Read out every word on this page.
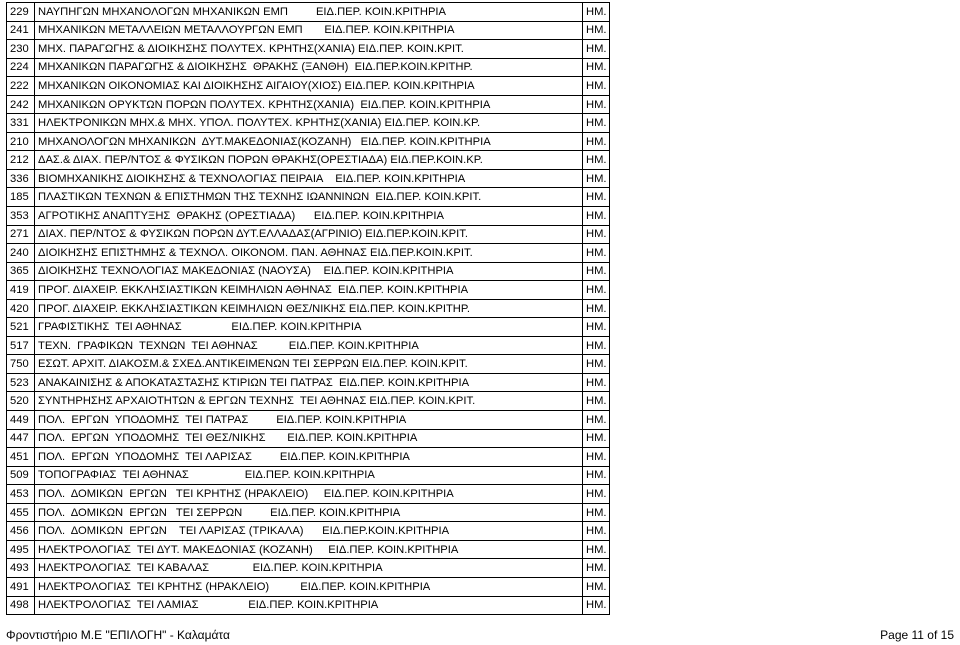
229	ΝΑΥΠΗΓΩΝ ΜΗΧΑΝΟΛΟΓΩΝ ΜΗΧΑΝΙΚΩΝ ΕΜΠ         ΕΙΔ.ΠΕΡ. ΚΟΙΝ.ΚΡΙΤΗΡΙΑ	ΗΜ.
241	ΜΗΧΑΝΙΚΩΝ ΜΕΤΑΛΛΕΙΩΝ ΜΕΤΑΛΛΟΥΡΓΩΝ ΕΜΠ       ΕΙΔ.ΠΕΡ. ΚΟΙΝ.ΚΡΙΤΗΡΙΑ	ΗΜ.
230	ΜΗΧ. ΠΑΡΑΓΩΓΗΣ & ΔΙΟΙΚΗΣΗΣ ΠΟΛΥΤΕΧ. ΚΡΗΤΗΣ(ΧΑΝΙΑ) ΕΙΔ.ΠΕΡ. ΚΟΙΝ.ΚΡΙΤ.	ΗΜ.
224	ΜΗΧΑΝΙΚΩΝ ΠΑΡΑΓΩΓΗΣ & ΔΙΟΙΚΗΣΗΣ  ΘΡΑΚΗΣ (ΞΑΝΘΗ)  ΕΙΔ.ΠΕΡ.ΚΟΙΝ.ΚΡΙΤΗΡ.	ΗΜ.
222	ΜΗΧΑΝΙΚΩΝ ΟΙΚΟΝΟΜΙΑΣ ΚΑΙ ΔΙΟΙΚΗΣΗΣ ΑΙΓΑΙΟΥ(ΧΙΟΣ) ΕΙΔ.ΠΕΡ. ΚΟΙΝ.ΚΡΙΤΗΡΙΑ	ΗΜ.
242	ΜΗΧΑΝΙΚΩΝ ΟΡΥΚΤΩΝ ΠΟΡΩΝ ΠΟΛΥΤΕΧ. ΚΡΗΤΗΣ(ΧΑΝΙΑ)  ΕΙΔ.ΠΕΡ. ΚΟΙΝ.ΚΡΙΤΗΡΙΑ	ΗΜ.
331	ΗΛΕΚΤΡΟΝΙΚΩΝ ΜΗΧ.& ΜΗΧ. ΥΠΟΛ. ΠΟΛΥΤΕΧ. ΚΡΗΤΗΣ(ΧΑΝΙΑ) ΕΙΔ.ΠΕΡ. ΚΟΙΝ.ΚΡ.	ΗΜ.
210	ΜΗΧΑΝΟΛΟΓΩΝ ΜΗΧΑΝΙΚΩΝ  ΔΥΤ.ΜΑΚΕΔΟΝΙΑΣ(ΚΟΖΑΝΗ)   ΕΙΔ.ΠΕΡ. ΚΟΙΝ.ΚΡΙΤΗΡΙΑ	ΗΜ.
212	ΔΑΣ.& ΔΙΑΧ. ΠΕΡ/ΝΤΟΣ & ΦΥΣΙΚΩΝ ΠΟΡΩΝ ΘΡΑΚΗΣ(ΟΡΕΣΤΙΑΔΑ) ΕΙΔ.ΠΕΡ.ΚΟΙΝ.ΚΡ.	ΗΜ.
336	ΒΙΟΜΗΧΑΝΙΚΗΣ ΔΙΟΙΚΗΣΗΣ & ΤΕΧΝΟΛΟΓΙΑΣ ΠΕΙΡΑΙΑ    ΕΙΔ.ΠΕΡ. ΚΟΙΝ.ΚΡΙΤΗΡΙΑ	ΗΜ.
185	ΠΛΑΣΤΙΚΩΝ ΤΕΧΝΩΝ & ΕΠΙΣΤΗΜΩΝ ΤΗΣ ΤΕΧΝΗΣ ΙΩΑΝΝΙΝΩΝ  ΕΙΔ.ΠΕΡ. ΚΟΙΝ.ΚΡΙΤ.	ΗΜ.
353	ΑΓΡΟΤΙΚΗΣ ΑΝΑΠΤΥΞΗΣ  ΘΡΑΚΗΣ (ΟΡΕΣΤΙΑΔΑ)      ΕΙΔ.ΠΕΡ. ΚΟΙΝ.ΚΡΙΤΗΡΙΑ	ΗΜ.
271	ΔΙΑΧ. ΠΕΡ/ΝΤΟΣ & ΦΥΣΙΚΩΝ ΠΟΡΩΝ ΔΥΤ.ΕΛΛΑΔΑΣ(ΑΓΡΙΝΙΟ) ΕΙΔ.ΠΕΡ.ΚΟΙΝ.ΚΡΙΤ.	ΗΜ.
240	ΔΙΟΙΚΗΣΗΣ ΕΠΙΣΤΗΜΗΣ & ΤΕΧΝΟΛ. ΟΙΚΟΝΟΜ. ΠΑΝ. ΑΘΗΝΑΣ ΕΙΔ.ΠΕΡ.ΚΟΙΝ.ΚΡΙΤ.	ΗΜ.
365	ΔΙΟΙΚΗΣΗΣ ΤΕΧΝΟΛΟΓΙΑΣ ΜΑΚΕΔΟΝΙΑΣ (ΝΑΟΥΣΑ)    ΕΙΔ.ΠΕΡ. ΚΟΙΝ.ΚΡΙΤΗΡΙΑ	ΗΜ.
419	ΠΡΟΓ. ΔΙΑΧΕΙΡ. ΕΚΚΛΗΣΙΑΣΤΙΚΩΝ ΚΕΙΜΗΛΙΩΝ ΑΘΗΝΑΣ  ΕΙΔ.ΠΕΡ. ΚΟΙΝ.ΚΡΙΤΗΡΙΑ	ΗΜ.
420	ΠΡΟΓ. ΔΙΑΧΕΙΡ. ΕΚΚΛΗΣΙΑΣΤΙΚΩΝ ΚΕΙΜΗΛΙΩΝ ΘΕΣ/ΝΙΚΗΣ ΕΙΔ.ΠΕΡ. ΚΟΙΝ.ΚΡΙΤΗΡ.	ΗΜ.
521	ΓΡΑΦΙΣΤΙΚΗΣ  ΤΕΙ ΑΘΗΝΑΣ                ΕΙΔ.ΠΕΡ. ΚΟΙΝ.ΚΡΙΤΗΡΙΑ	ΗΜ.
517	ΤΕΧΝ.  ΓΡΑΦΙΚΩΝ  ΤΕΧΝΩΝ  ΤΕΙ ΑΘΗΝΑΣ          ΕΙΔ.ΠΕΡ. ΚΟΙΝ.ΚΡΙΤΗΡΙΑ	ΗΜ.
750	ΕΣΩΤ. ΑΡΧΙΤ. ΔΙΑΚΟΣΜ.& ΣΧΕΔ.ΑΝΤΙΚΕΙΜΕΝΩΝ ΤΕΙ ΣΕΡΡΩΝ ΕΙΔ.ΠΕΡ. ΚΟΙΝ.ΚΡΙΤ.	ΗΜ.
523	ΑΝΑΚΑΙΝΙΣΗΣ & ΑΠΟΚΑΤΑΣΤΑΣΗΣ ΚΤΙΡΙΩΝ ΤΕΙ ΠΑΤΡΑΣ  ΕΙΔ.ΠΕΡ. ΚΟΙΝ.ΚΡΙΤΗΡΙΑ	ΗΜ.
520	ΣΥΝΤΗΡΗΣΗΣ ΑΡΧΑΙΟΤΗΤΩΝ & ΕΡΓΩΝ ΤΕΧΝΗΣ  ΤΕΙ ΑΘΗΝΑΣ ΕΙΔ.ΠΕΡ. ΚΟΙΝ.ΚΡΙΤ.	ΗΜ.
449	ΠΟΛ.  ΕΡΓΩΝ  ΥΠΟΔΟΜΗΣ  ΤΕΙ ΠΑΤΡΑΣ         ΕΙΔ.ΠΕΡ. ΚΟΙΝ.ΚΡΙΤΗΡΙΑ	ΗΜ.
447	ΠΟΛ.  ΕΡΓΩΝ  ΥΠΟΔΟΜΗΣ  ΤΕΙ ΘΕΣ/ΝΙΚΗΣ       ΕΙΔ.ΠΕΡ. ΚΟΙΝ.ΚΡΙΤΗΡΙΑ	ΗΜ.
451	ΠΟΛ.  ΕΡΓΩΝ  ΥΠΟΔΟΜΗΣ  ΤΕΙ ΛΑΡΙΣΑΣ         ΕΙΔ.ΠΕΡ. ΚΟΙΝ.ΚΡΙΤΗΡΙΑ	ΗΜ.
509	ΤΟΠΟΓΡΑΦΙΑΣ  ΤΕΙ ΑΘΗΝΑΣ                  ΕΙΔ.ΠΕΡ. ΚΟΙΝ.ΚΡΙΤΗΡΙΑ	ΗΜ.
453	ΠΟΛ.  ΔΟΜΙΚΩΝ  ΕΡΓΩΝ   ΤΕΙ ΚΡΗΤΗΣ (ΗΡΑΚΛΕΙΟ)     ΕΙΔ.ΠΕΡ. ΚΟΙΝ.ΚΡΙΤΗΡΙΑ	ΗΜ.
455	ΠΟΛ.  ΔΟΜΙΚΩΝ  ΕΡΓΩΝ   ΤΕΙ ΣΕΡΡΩΝ         ΕΙΔ.ΠΕΡ. ΚΟΙΝ.ΚΡΙΤΗΡΙΑ	ΗΜ.
456	ΠΟΛ.  ΔΟΜΙΚΩΝ  ΕΡΓΩΝ    ΤΕΙ ΛΑΡΙΣΑΣ (ΤΡΙΚΑΛΑ)      ΕΙΔ.ΠΕΡ.ΚΟΙΝ.ΚΡΙΤΗΡΙΑ	ΗΜ.
495	ΗΛΕΚΤΡΟΛΟΓΙΑΣ  ΤΕΙ ΔΥΤ. ΜΑΚΕΔΟΝΙΑΣ (ΚΟΖΑΝΗ)     ΕΙΔ.ΠΕΡ. ΚΟΙΝ.ΚΡΙΤΗΡΙΑ	ΗΜ.
493	ΗΛΕΚΤΡΟΛΟΓΙΑΣ  ΤΕΙ ΚΑΒΑΛΑΣ              ΕΙΔ.ΠΕΡ. ΚΟΙΝ.ΚΡΙΤΗΡΙΑ	ΗΜ.
491	ΗΛΕΚΤΡΟΛΟΓΙΑΣ  ΤΕΙ ΚΡΗΤΗΣ (ΗΡΑΚΛΕΙΟ)          ΕΙΔ.ΠΕΡ. ΚΟΙΝ.ΚΡΙΤΗΡΙΑ	ΗΜ.
498	ΗΛΕΚΤΡΟΛΟΓΙΑΣ  ΤΕΙ ΛΑΜΙΑΣ                ΕΙΔ.ΠΕΡ. ΚΟΙΝ.ΚΡΙΤΗΡΙΑ	ΗΜ.
Φροντιστήριο Μ.Ε "ΕΠΙΛΟΓΗ" - Καλαμάτα	Page 11 of 15
